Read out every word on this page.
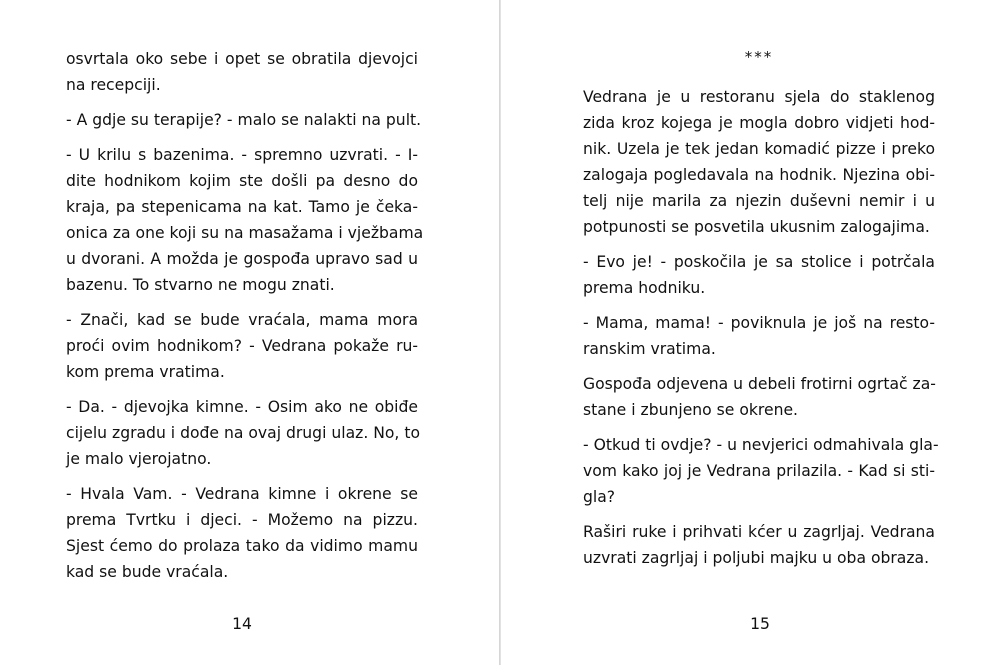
osvrtala oko sebe i opet se obratila djevojci
na recepciji.
- A gdje su terapije? - malo se nalakti na pult.
- U krilu s bazenima. - spremno uzvrati. - I-
dite hodnikom kojim ste došli pa desno do
kraja, pa stepenicama na kat. Tamo je čeka-
onica za one koji su na masažama i vježbama
u dvorani. A možda je gospođa upravo sad u
bazenu. To stvarno ne mogu znati.
- Znači, kad se bude vraćala, mama mora
proći ovim hodnikom? - Vedrana pokaže ru-
kom prema vratima.
- Da. - djevojka kimne. - Osim ako ne obiđe
cijelu zgradu i dođe na ovaj drugi ulaz. No, to
je malo vjerojatno.
- Hvala Vam. - Vedrana kimne i okrene se
prema Tvrtku i djeci. - Možemo na pizzu.
Sjest ćemo do prolaza tako da vidimo mamu
kad se bude vraćala.
14
***
Vedrana je u restoranu sjela do staklenog
zida kroz kojega je mogla dobro vidjeti hod-
nik. Uzela je tek jedan komadić pizze i preko
zalogaja pogledavala na hodnik. Njezina obi-
telj nije marila za njezin duševni nemir i u
potpunosti se posvetila ukusnim zalogajima.
- Evo je! - poskočila je sa stolice i potrčala
prema hodniku.
- Mama, mama! - poviknula je još na resto-
ranskim vratima.
Gospođa odjevena u debeli frotirni ogrtač za-
stane i zbunjeno se okrene.
- Otkud ti ovdje? - u nevjerici odmahivala gla-
vom kako joj je Vedrana prilazila. - Kad si sti-
gla?
Raširi ruke i prihvati kćer u zagrljaj. Vedrana
uzvrati zagrljaj i poljubi majku u oba obraza.
15
